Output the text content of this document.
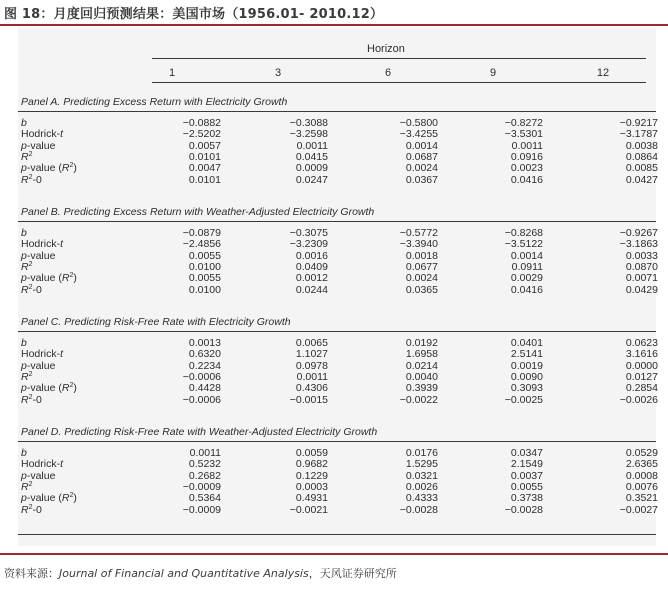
图 18：月度回归预测结果：美国市场（1956.01- 2010.12）
Horizon
1	3	6	9	12
Panel A. Predicting Excess Return with Electricity Growth
b	−0.0882	−0.3088	−0.5800	−0.8272	−0.9217
Hodrick-t	−2.5202	−3.2598	−3.4255	−3.5301	−3.1787
p-value	0.0057	0.0011	0.0014	0.0011	0.0038
$R^2$	0.0101	0.0415	0.0687	0.0916	0.0864
p-value $(R^2)$	0.0047	0.0009	0.0024	0.0023	0.0085
$R^2-0$	0.0101	0.0247	0.0367	0.0416	0.0427
Panel B. Predicting Excess Return with Weather-Adjusted Electricity Growth
b	−0.0879	−0.3075	−0.5772	−0.8268	−0.9267
Hodrick-t	−2.4856	−3.2309	−3.3940	−3.5122	−3.1863
p-value	0.0055	0.0016	0.0018	0.0014	0.0033
$R^2$	0.0100	0.0409	0.0677	0.0911	0.0870
p-value $(R^2)$	0.0055	0.0012	0.0024	0.0029	0.0071
$R^2-0$	0.0100	0.0244	0.0365	0.0416	0.0429
Panel C. Predicting Risk-Free Rate with Electricity Growth
b	0.0013	0.0065	0.0192	0.0401	0.0623
Hodrick-t	0.6320	1.1027	1.6958	2.5141	3.1616
p-value	0.2234	0.0978	0.0214	0.0019	0.0000
$R^2$	−0.0006	0.0011	0.0040	0.0090	0.0127
p-value $(R^2)$	0.4428	0.4306	0.3939	0.3093	0.2854
$R^2-0$	−0.0006	−0.0015	−0.0022	−0.0025	−0.0026
Panel D. Predicting Risk-Free Rate with Weather-Adjusted Electricity Growth
b	0.0011	0.0059	0.0176	0.0347	0.0529
Hodrick-t	0.5232	0.9682	1.5295	2.1549	2.6365
p-value	0.2682	0.1229	0.0321	0.0037	0.0008
$R^2$	−0.0009	0.0003	0.0026	0.0055	0.0076
p-value $(R^2)$	0.5364	0.4931	0.4333	0.3738	0.3521
$R^2-0$	−0.0009	−0.0021	−0.0028	−0.0028	−0.0027
资料来源：Journal of Financial and Quantitative Analysis，天风证券研究所
